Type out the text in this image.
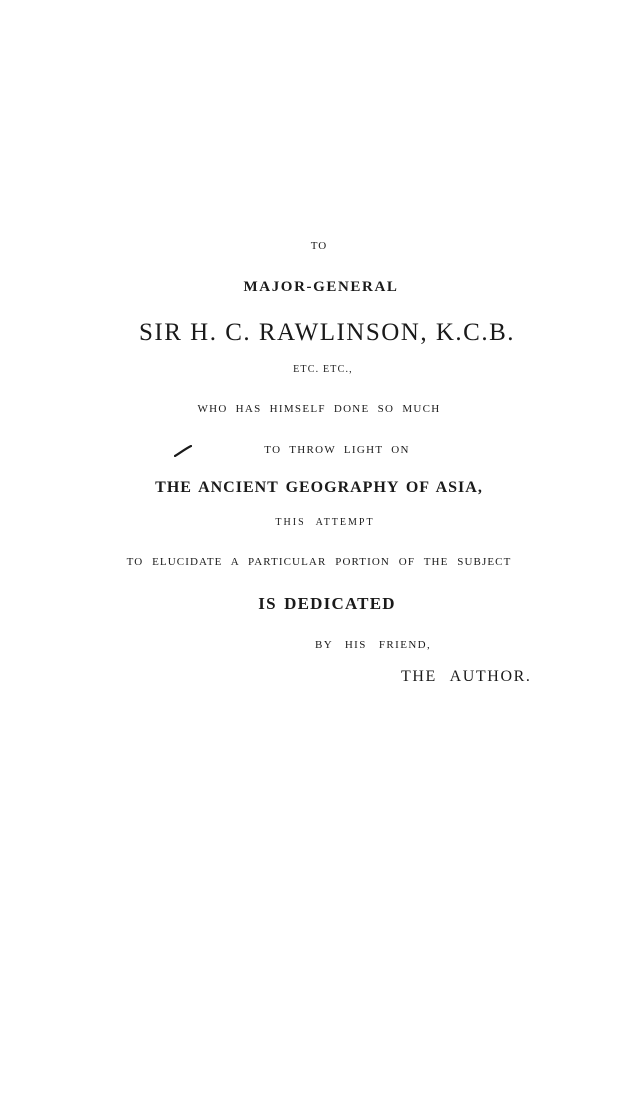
TO
MAJOR-GENERAL
SIR H. C. RAWLINSON, K.C.B.
ETC. ETC.,
WHO HAS HIMSELF DONE SO MUCH
TO THROW LIGHT ON
THE ANCIENT GEOGRAPHY OF ASIA,
THIS ATTEMPT
TO ELUCIDATE A PARTICULAR PORTION OF THE SUBJECT
IS DEDICATED
BY HIS FRIEND,
THE AUTHOR.
